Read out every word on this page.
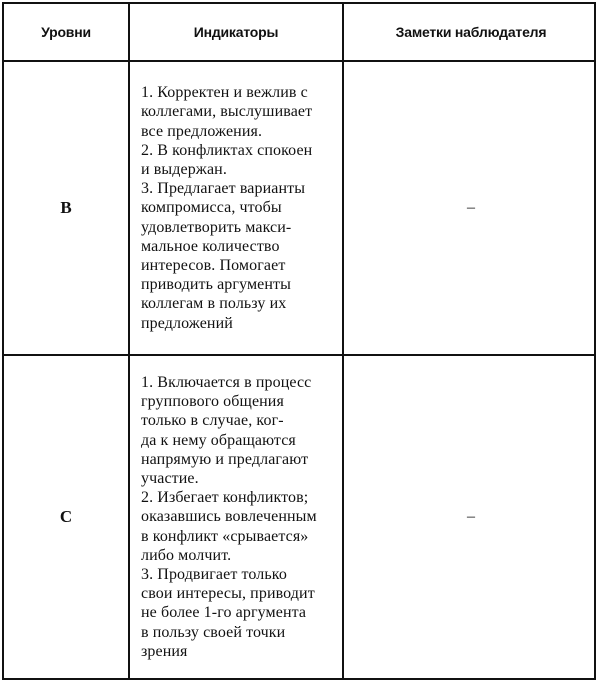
Уровни	Индикаторы	Заметки наблюдателя
B
1. Корректен и вежлив с
коллегами, выслушивает
все предложения.
2. В конфликтах спокоен
и выдержан.
3. Предлагает варианты
компромисса, чтобы
удовлетворить макси-
мальное количество
интересов. Помогает
приводить аргументы
коллегам в пользу их
предложений
–
C
1. Включается в процесс
группового общения
только в случае, ког-
да к нему обращаются
напрямую и предлагают
участие.
2. Избегает конфликтов;
оказавшись вовлеченным
в конфликт «срывается»
либо молчит.
3. Продвигает только
свои интересы, приводит
не более 1-го аргумента
в пользу своей точки
зрения
–
